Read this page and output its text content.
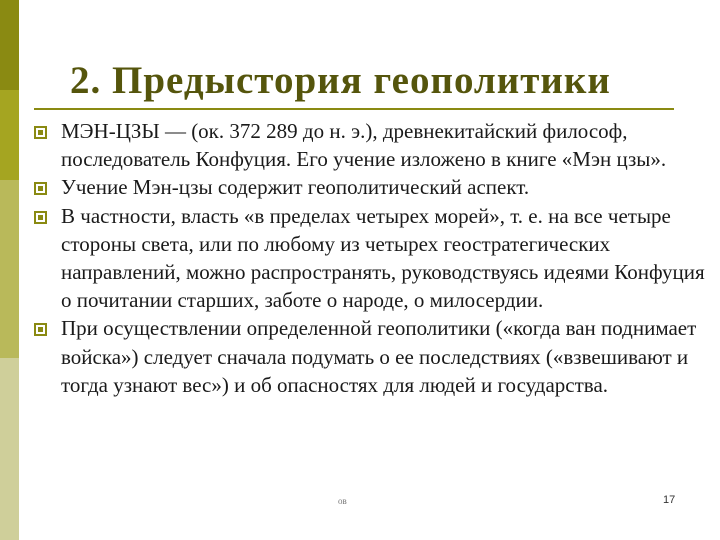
2. Предыстория геополитики
МЭН-ЦЗЫ — (ок. 372 289 до н. э.), древнекитайский философ, последователь Конфуция. Его учение изложено в книге «Мэн цзы».
Учение Мэн-цзы содержит геополитический аспект.
В частности, власть «в пределах четырех морей», т. е. на все четыре стороны света, или по любому из четырех геостратегических направлений, можно распространять, руководствуясь идеями Конфуция о почитании старших, заботе о народе, о милосердии.
При осуществлении определенной геополитики («когда ван поднимает войска») следует сначала подумать о ее последствиях («взвешивают и тогда узнают вес») и об опасностях для людей и государства.
ов	17
